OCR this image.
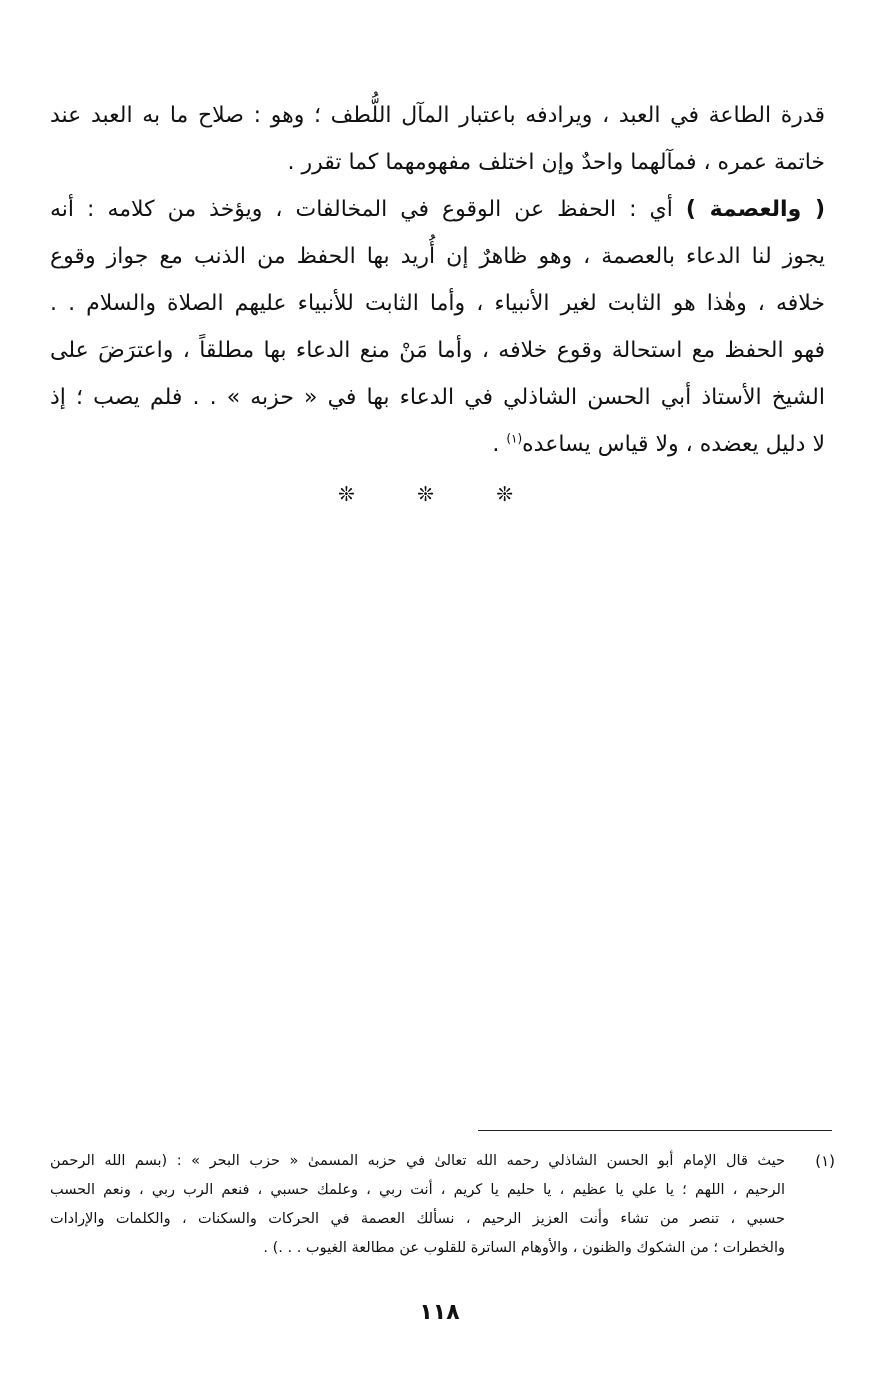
قدرة الطاعة في العبد ، ويرادفه باعتبار المآل اللُّطف ؛ وهو : صلاح ما به العبد عند
خاتمة عمره ، فمآلهما واحدٌ وإن اختلف مفهومهما كما تقرر .
( والعصمة ) أي : الحفظ عن الوقوع في المخالفات ، ويؤخذ من كلامه : أنه
يجوز لنا الدعاء بالعصمة ، وهو ظاهرٌ إن أُريد بها الحفظ من الذنب مع جواز وقوع
خلافه ، وهٰذا هو الثابت لغير الأنبياء ، وأما الثابت للأنبياء عليهم الصلاة والسلام . .
فهو الحفظ مع استحالة وقوع خلافه ، وأما مَنْ منع الدعاء بها مطلقاً ، واعترَضَ على
الشيخ الأستاذ أبي الحسن الشاذلي في الدعاء بها في « حزبه » . . فلم يصب ؛ إذ
لا دليل يعضده ، ولا قياس يساعده$^{(١)}$ .
❊ ❊ ❊
(١)
حيث قال الإمام أبو الحسن الشاذلي رحمه الله تعالىٰ في حزبه المسمىٰ « حزب البحر » : (بسم الله الرحمن
الرحيم ، اللهم ؛ يا علي يا عظيم ، يا حليم يا كريم ، أنت ربي ، وعلمك حسبي ، فنعم الرب ربي ، ونعم الحسب
حسبي ، تنصر من تشاء وأنت العزيز الرحيم ، نسألك العصمة في الحركات والسكنات ، والكلمات والإرادات
والخطرات ؛ من الشكوك والظنون ، والأوهام الساترة للقلوب عن مطالعة الغيوب . . .) .
١١٨
